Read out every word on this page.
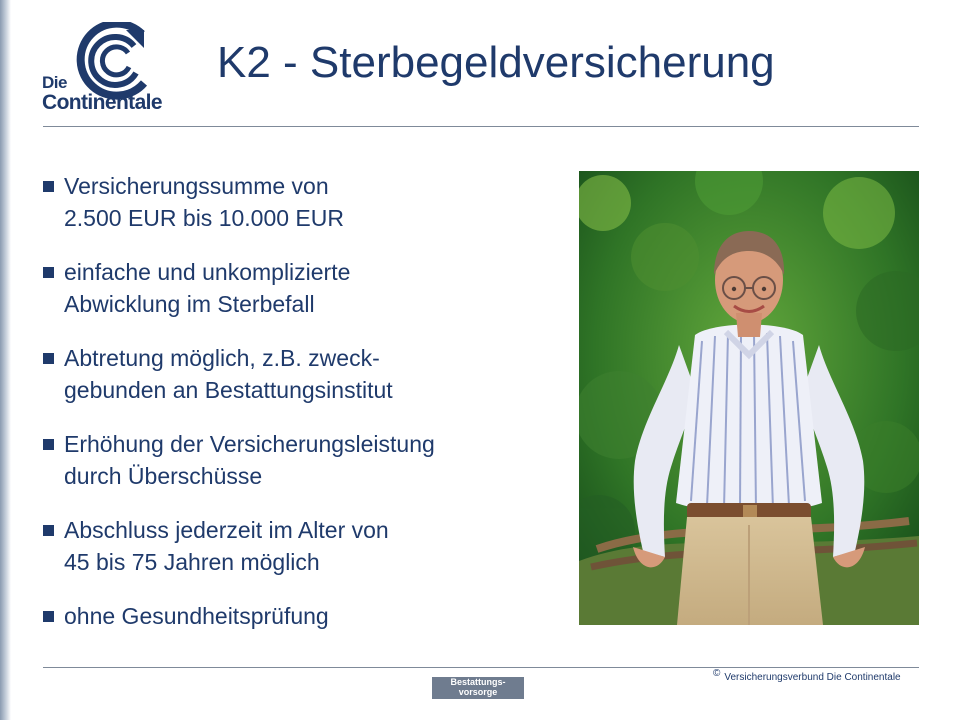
Die
Continentale
K2 - Sterbegeldversicherung
Versicherungssumme von
2.500 EUR bis 10.000 EUR
einfache und unkomplizierte
Abwicklung im Sterbefall
Abtretung möglich, z.B. zweck-
gebunden an Bestattungsinstitut
Erhöhung der Versicherungsleistung
durch Überschüsse
Abschluss jederzeit im Alter von
45 bis 75 Jahren möglich
ohne Gesundheitsprüfung
Bestattungs-
vorsorge
© Versicherungsverbund Die Continentale
